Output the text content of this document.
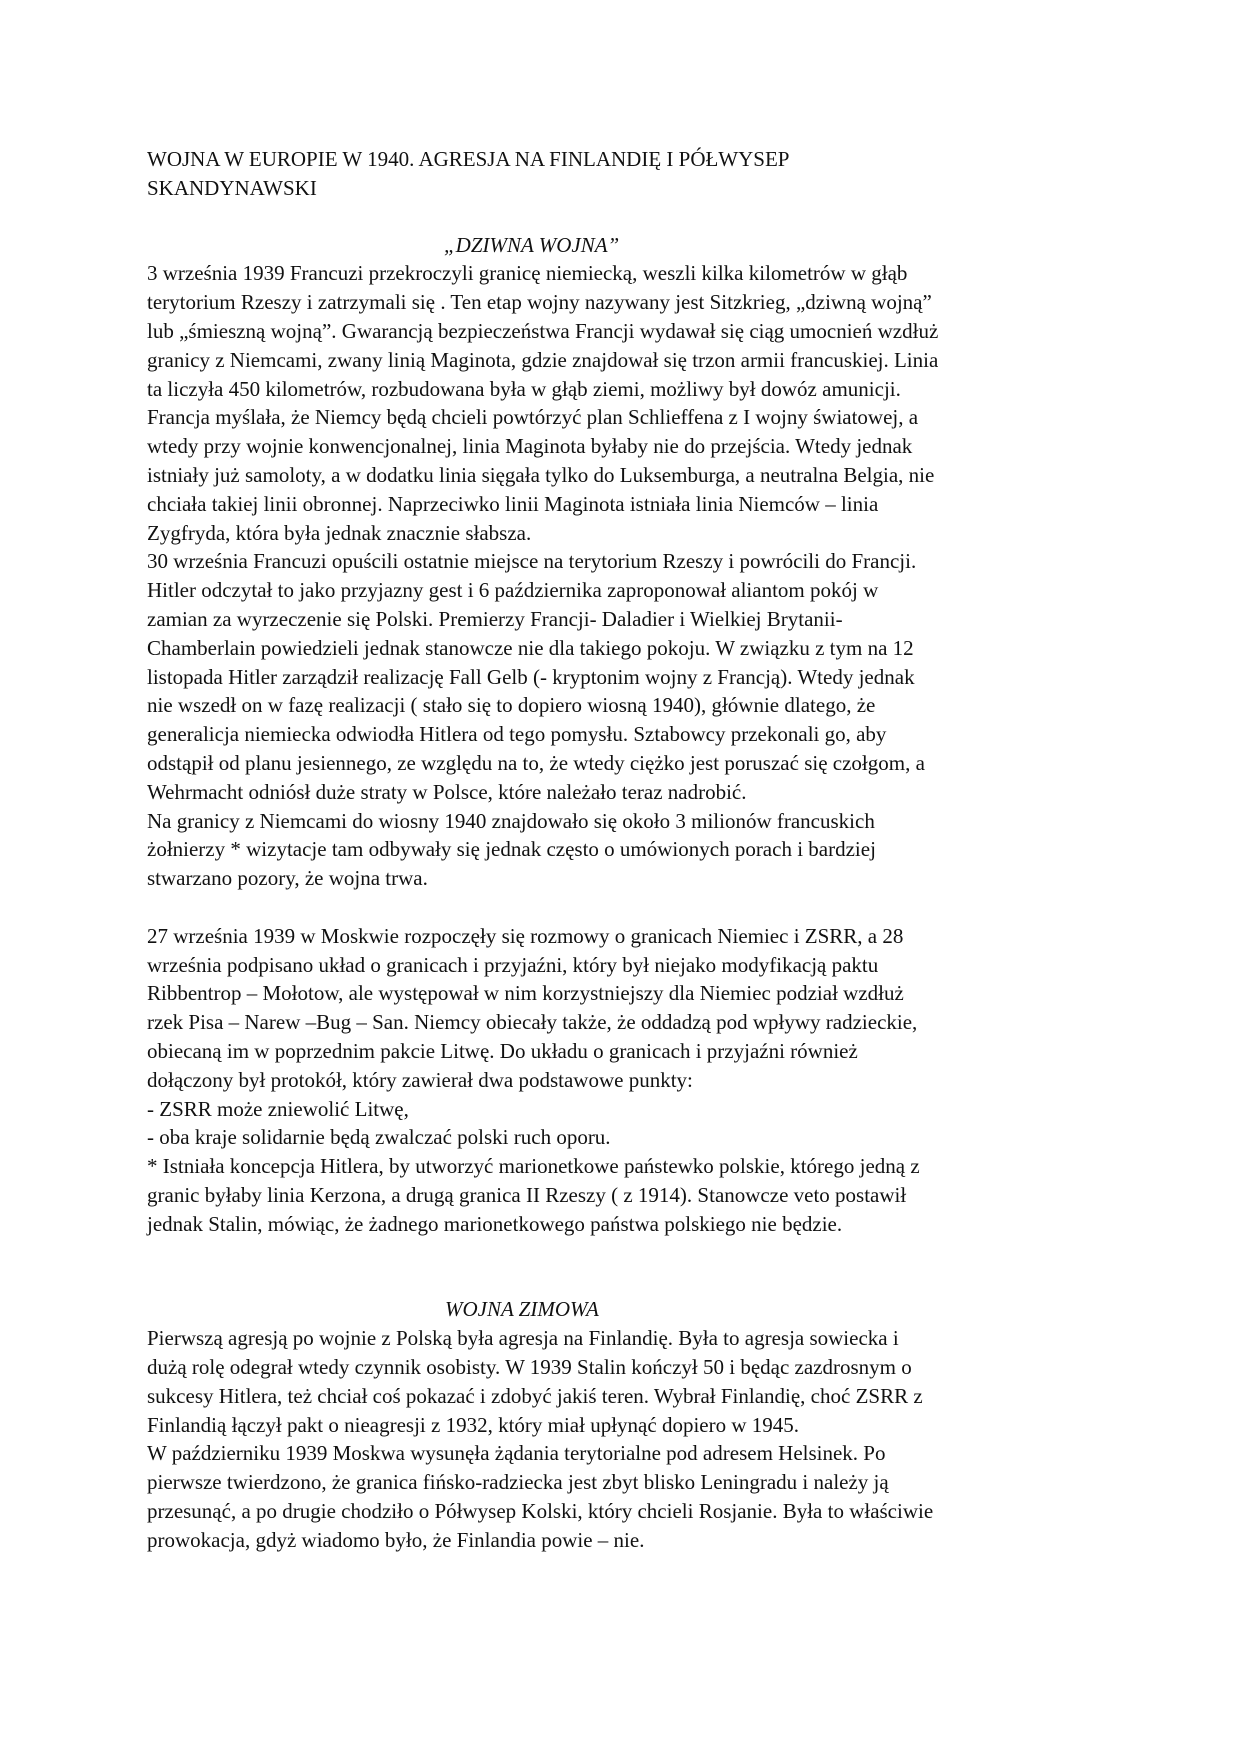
WOJNA W EUROPIE W 1940. AGRESJA NA FINLANDIĘ I PÓŁWYSEP
SKANDYNAWSKI
„DZIWNA WOJNA”

3 września 1939 Francuzi przekroczyli granicę niemiecką, weszli kilka kilometrów w głąb
terytorium Rzeszy i zatrzymali się . Ten etap wojny nazywany jest Sitzkrieg, „dziwną wojną”
lub „śmieszną wojną”. Gwarancją bezpieczeństwa Francji wydawał się ciąg umocnień wzdłuż
granicy z Niemcami, zwany linią Maginota, gdzie znajdował się trzon armii francuskiej. Linia
ta liczyła 450 kilometrów, rozbudowana była w głąb ziemi, możliwy był dowóz amunicji.
Francja myślała, że Niemcy będą chcieli powtórzyć plan Schlieffena z I wojny światowej, a
wtedy przy wojnie konwencjonalnej, linia Maginota byłaby nie do przejścia. Wtedy jednak
istniały już samoloty, a w dodatku linia sięgała tylko do Luksemburga, a neutralna Belgia, nie
chciała takiej linii obronnej. Naprzeciwko linii Maginota istniała linia Niemców – linia
Zygfryda, która była jednak znacznie słabsza.

30 września Francuzi opuścili ostatnie miejsce na terytorium Rzeszy i powrócili do Francji.
Hitler odczytał to jako przyjazny gest i 6 października zaproponował aliantom pokój w
zamian za wyrzeczenie się Polski. Premierzy Francji- Daladier i Wielkiej Brytanii-
Chamberlain powiedzieli jednak stanowcze nie dla takiego pokoju. W związku z tym na 12
listopada Hitler zarządził realizację Fall Gelb (- kryptonim wojny z Francją). Wtedy jednak
nie wszedł on w fazę realizacji ( stało się to dopiero wiosną 1940), głównie dlatego, że
generalicja niemiecka odwiodła Hitlera od tego pomysłu. Sztabowcy przekonali go, aby
odstąpił od planu jesiennego, ze względu na to, że wtedy ciężko jest poruszać się czołgom, a
Wehrmacht odniósł duże straty w Polsce, które należało teraz nadrobić.

Na granicy z Niemcami do wiosny 1940 znajdowało się około 3 milionów francuskich
żołnierzy * wizytacje tam odbywały się jednak często o umówionych porach i bardziej
stwarzano pozory, że wojna trwa.

27 września 1939 w Moskwie rozpoczęły się rozmowy o granicach Niemiec i ZSRR, a 28
września podpisano układ o granicach i przyjaźni, który był niejako modyfikacją paktu
Ribbentrop – Mołotow, ale występował w nim korzystniejszy dla Niemiec podział wzdłuż
rzek Pisa – Narew –Bug – San. Niemcy obiecały także, że oddadzą pod wpływy radzieckie,
obiecaną im w poprzednim pakcie Litwę. Do układu o granicach i przyjaźni również
dołączony był protokół, który zawierał dwa podstawowe punkty:
- ZSRR może zniewolić Litwę,
- oba kraje solidarnie będą zwalczać polski ruch oporu.
* Istniała koncepcja Hitlera, by utworzyć marionetkowe państewko polskie, którego jedną z
granic byłaby linia Kerzona, a drugą granica II Rzeszy ( z 1914). Stanowcze veto postawił
jednak Stalin, mówiąc, że żadnego marionetkowego państwa polskiego nie będzie.

WOJNA ZIMOWA

Pierwszą agresją po wojnie z Polską była agresja na Finlandię. Była to agresja sowiecka i
dużą rolę odegrał wtedy czynnik osobisty. W 1939 Stalin kończył 50 i będąc zazdrosnym o
sukcesy Hitlera, też chciał coś pokazać i zdobyć jakiś teren. Wybrał Finlandię, choć ZSRR z
Finlandią łączył pakt o nieagresji z 1932, który miał upłynąć dopiero w 1945.

W październiku 1939 Moskwa wysunęła żądania terytorialne pod adresem Helsinek. Po
pierwsze twierdzono, że granica fińsko-radziecka jest zbyt blisko Leningradu i należy ją
przesunąć, a po drugie chodziło o Półwysep Kolski, który chcieli Rosjanie. Była to właściwie
prowokacja, gdyż wiadomo było, że Finlandia powie – nie.
